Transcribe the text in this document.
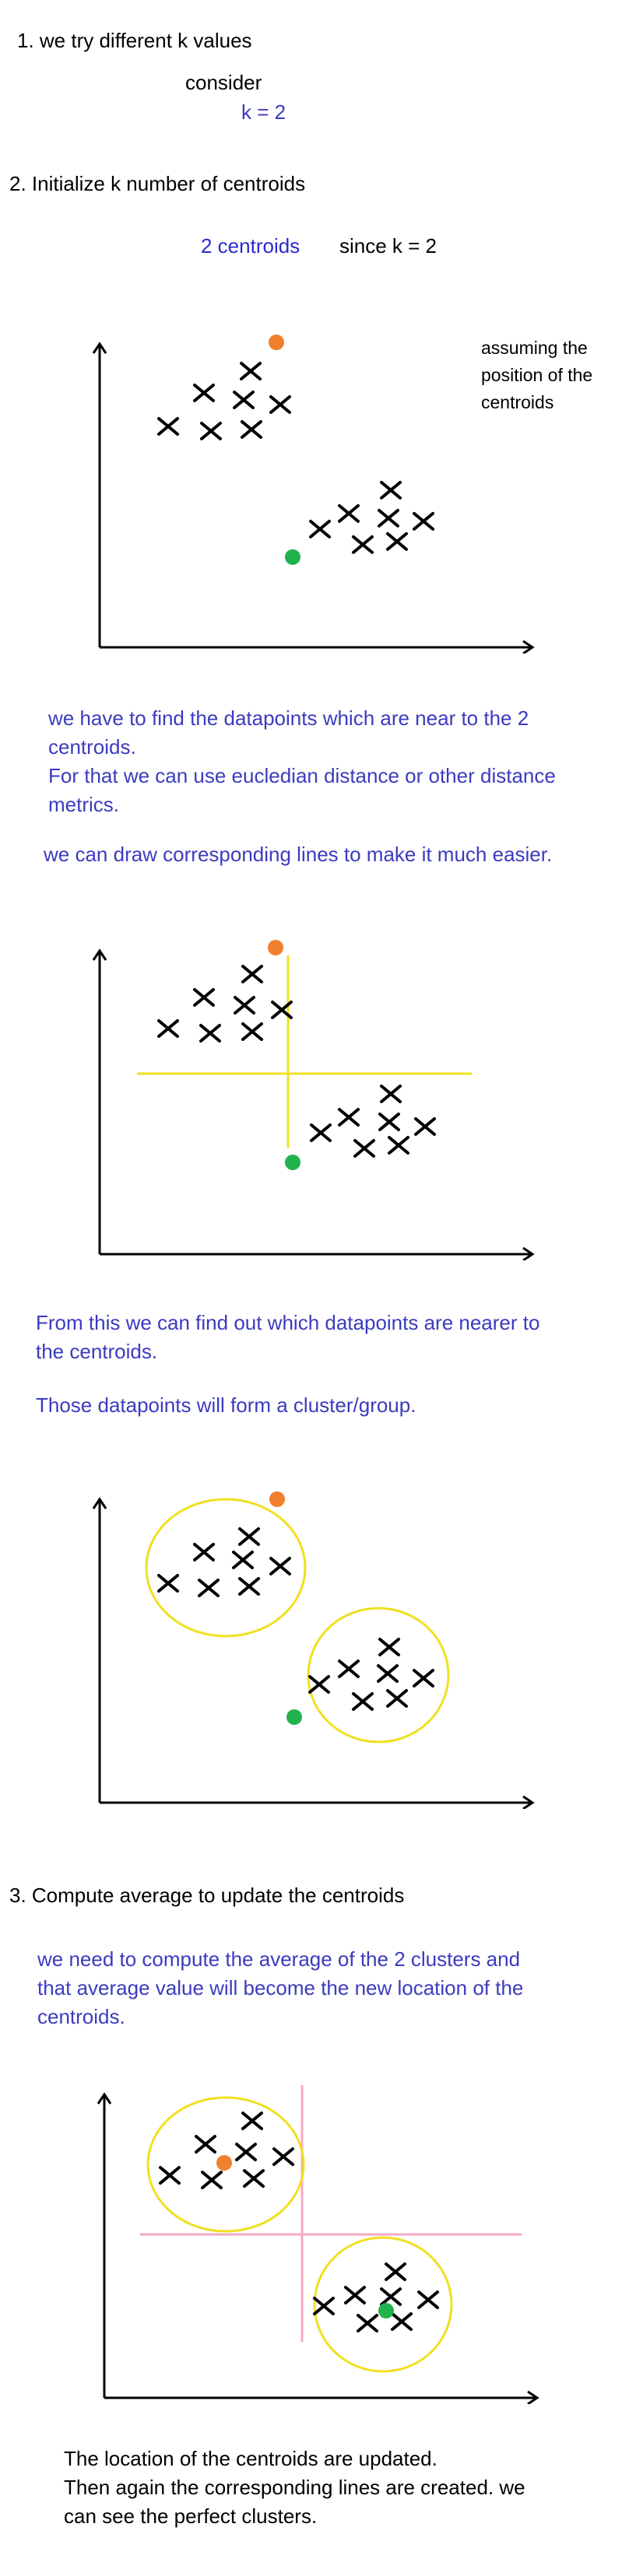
1. we try different k values
consider
k = 2
2. Initialize k number of centroids
2 centroids since k = 2
assuming the
position of the
centroids
we have to find the datapoints which are near to the 2
centroids.
For that we can use eucledian distance or other distance
metrics.
we can draw corresponding lines to make it much easier.
From this we can find out which datapoints are nearer to
the centroids.
Those datapoints will form a cluster/group.
3. Compute average to update the centroids
we need to compute the average of the 2 clusters and
that average value will become the new location of the
centroids.
The location of the centroids are updated.
Then again the corresponding lines are created. we
can see the perfect clusters.
